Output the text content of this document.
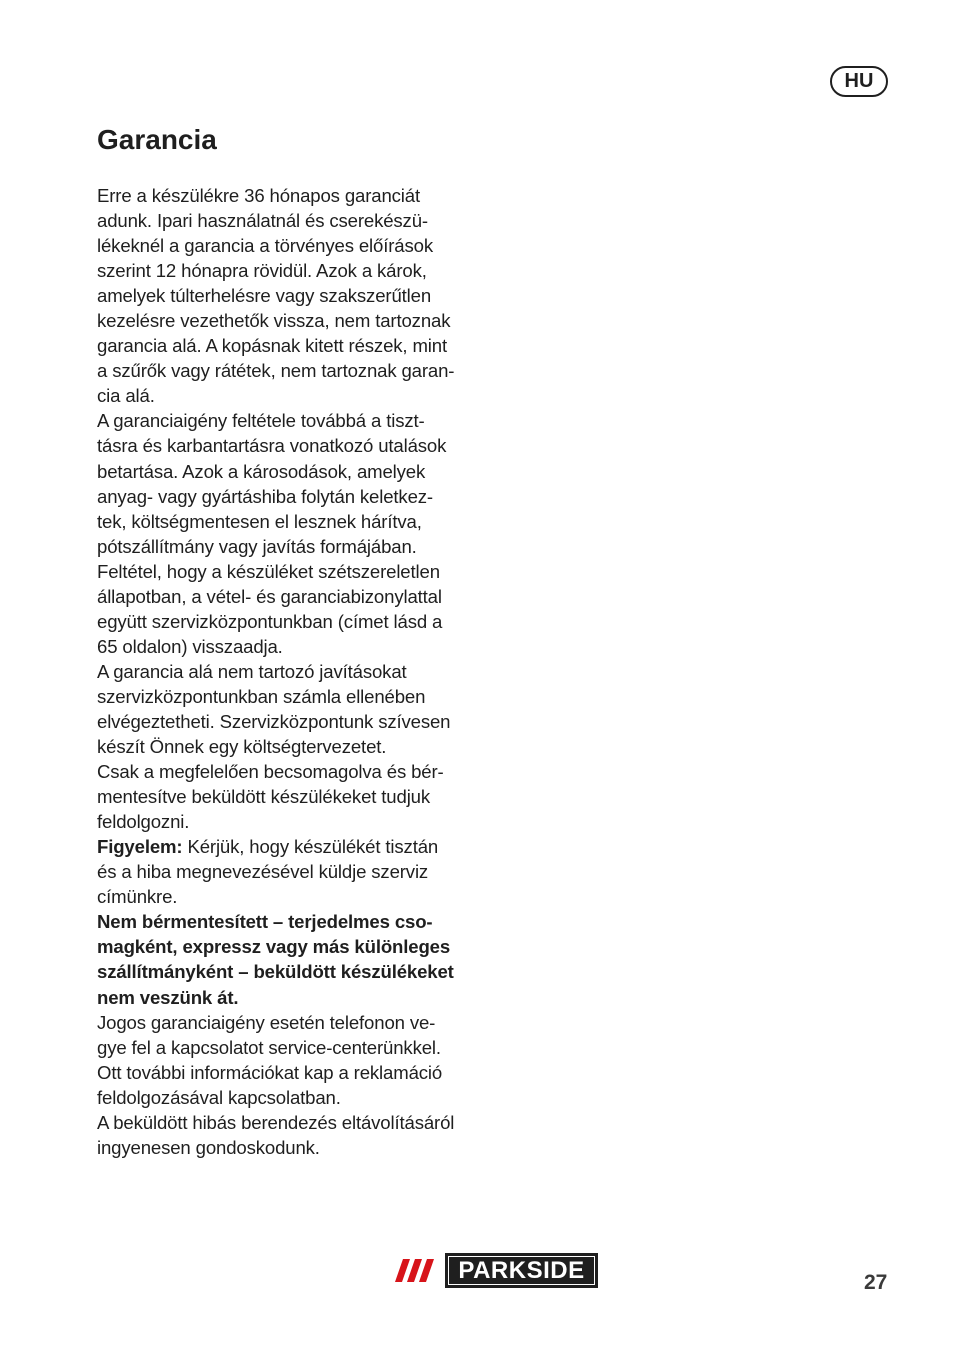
HU
Garancia
Erre a készülékre 36 hónapos garanciát
adunk. Ipari használatnál és cserekészü-
lékeknél a garancia a törvényes előírások
szerint 12 hónapra rövidül. Azok a károk,
amelyek túlterhelésre vagy szakszerűtlen
kezelésre vezethetők vissza, nem tartoznak
garancia alá. A kopásnak kitett részek, mint
a szűrők vagy rátétek, nem tartoznak garan-
cia alá.
A garanciaigény feltétele továbbá a tiszt-
tásra és karbantartásra vonatkozó utalások
betartása. Azok a károsodások, amelyek
anyag- vagy gyártáshiba folytán keletkez-
tek, költségmentesen el lesznek hárítva,
pótszállítmány vagy javítás formájában.
Feltétel, hogy a készüléket szétszereletlen
állapotban, a vétel- és garanciabizonylattal
együtt szervizközpontunkban (címet lásd a
65 oldalon) visszaadja.
A garancia alá nem tartozó javításokat
szervizközpontunkban számla ellenében
elvégeztetheti. Szervizközpontunk szívesen
készít Önnek egy költségtervezetet.
Csak a megfelelően becsomagolva és bér-
mentesítve beküldött készülékeket tudjuk
feldolgozni.
Figyelem: Kérjük, hogy készülékét tisztán
és a hiba megnevezésével küldje szerviz
címünkre.
Nem bérmentesített – terjedelmes cso-
magként, expressz vagy más különleges
szállítmányként – beküldött készülékeket
nem veszünk át.
Jogos garanciaigény esetén telefonon ve-
gye fel a kapcsolatot service-centerünkkel.
Ott további információkat kap a reklamáció
feldolgozásával kapcsolatban.
A beküldött hibás berendezés eltávolításáról
ingyenesen gondoskodunk.
PARKSIDE	27
